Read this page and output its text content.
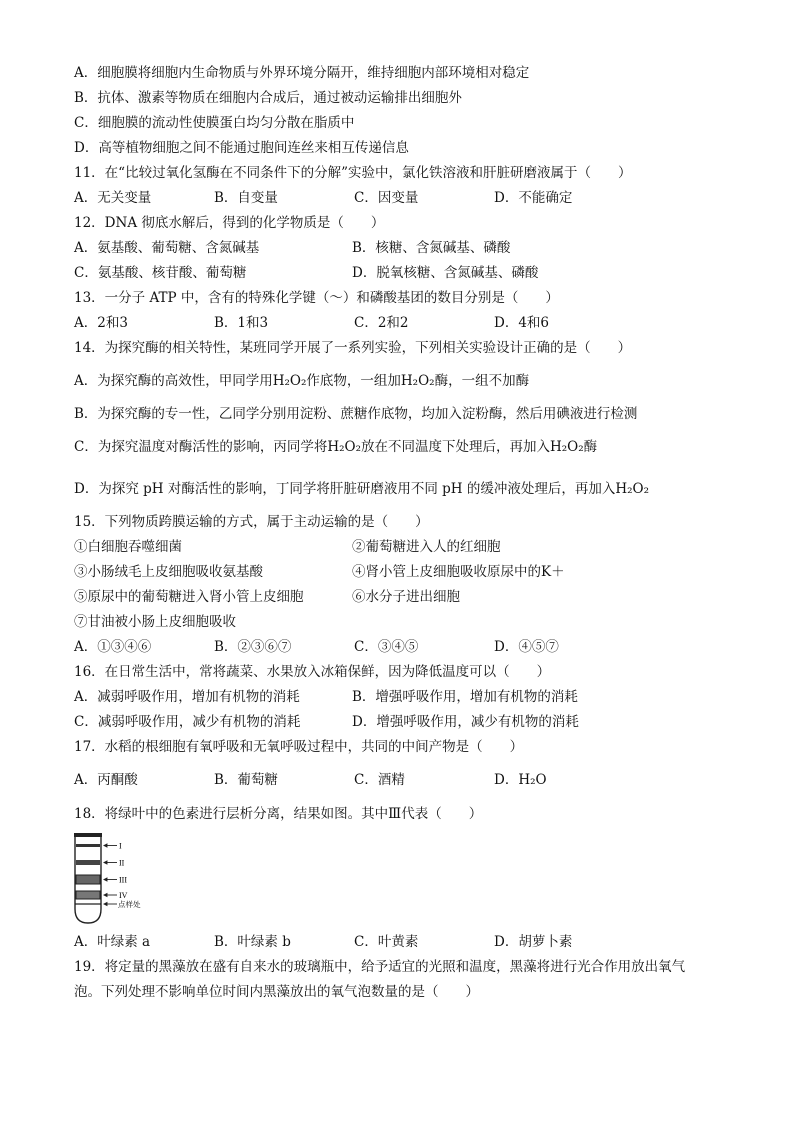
A．细胞膜将细胞内生命物质与外界环境分隔开，维持细胞内部环境相对稳定
B．抗体、激素等物质在细胞内合成后，通过被动运输排出细胞外
C．细胞膜的流动性使膜蛋白均匀分散在脂质中
D．高等植物细胞之间不能通过胞间连丝来相互传递信息
11．在“比较过氧化氢酶在不同条件下的分解”实验中，氯化铁溶液和肝脏研磨液属于（　　）
A．无关变量	B．自变量	C．因变量	D．不能确定
12．DNA 彻底水解后，得到的化学物质是（　　）
A．氨基酸、葡萄糖、含氮碱基	B．核糖、含氮碱基、磷酸
C．氨基酸、核苷酸、葡萄糖	D．脱氧核糖、含氮碱基、磷酸
13．一分子 ATP 中，含有的特殊化学键（～）和磷酸基团的数目分别是（　　）
A．2和3	B．1和3	C．2和2	D．4和6
14．为探究酶的相关特性，某班同学开展了一系列实验，下列相关实验设计正确的是（　　）
A．为探究酶的高效性，甲同学用H₂O₂作底物，一组加H₂O₂酶，一组不加酶
B．为探究酶的专一性，乙同学分别用淀粉、蔗糖作底物，均加入淀粉酶，然后用碘液进行检测
C．为探究温度对酶活性的影响，丙同学将H₂O₂放在不同温度下处理后，再加入H₂O₂酶
D．为探究 pH 对酶活性的影响，丁同学将肝脏研磨液用不同 pH 的缓冲液处理后，再加入H₂O₂
15．下列物质跨膜运输的方式，属于主动运输的是（　　）
①白细胞吞噬细菌	②葡萄糖进入人的红细胞
③小肠绒毛上皮细胞吸收氨基酸	④肾小管上皮细胞吸收原尿中的K＋
⑤原尿中的葡萄糖进入肾小管上皮细胞	⑥水分子进出细胞
⑦甘油被小肠上皮细胞吸收
A．①③④⑥	B．②③⑥⑦	C．③④⑤	D．④⑤⑦
16．在日常生活中，常将蔬菜、水果放入冰箱保鲜，因为降低温度可以（　　）
A．减弱呼吸作用，增加有机物的消耗	B．增强呼吸作用，增加有机物的消耗
C．减弱呼吸作用，减少有机物的消耗	D．增强呼吸作用，减少有机物的消耗
17．水稻的根细胞有氧呼吸和无氧呼吸过程中，共同的中间产物是（　　）
A．丙酮酸	B．葡萄糖	C．酒精	D．H₂O
18．将绿叶中的色素进行层析分离，结果如图。其中Ⅲ代表（　　）
I
II
III
IV
点样处
A．叶绿素 a	B．叶绿素 b	C．叶黄素	D．胡萝卜素
19．将定量的黑藻放在盛有自来水的玻璃瓶中，给予适宜的光照和温度，黑藻将进行光合作用放出氧气
泡。下列处理不影响单位时间内黑藻放出的氧气泡数量的是（　　）
